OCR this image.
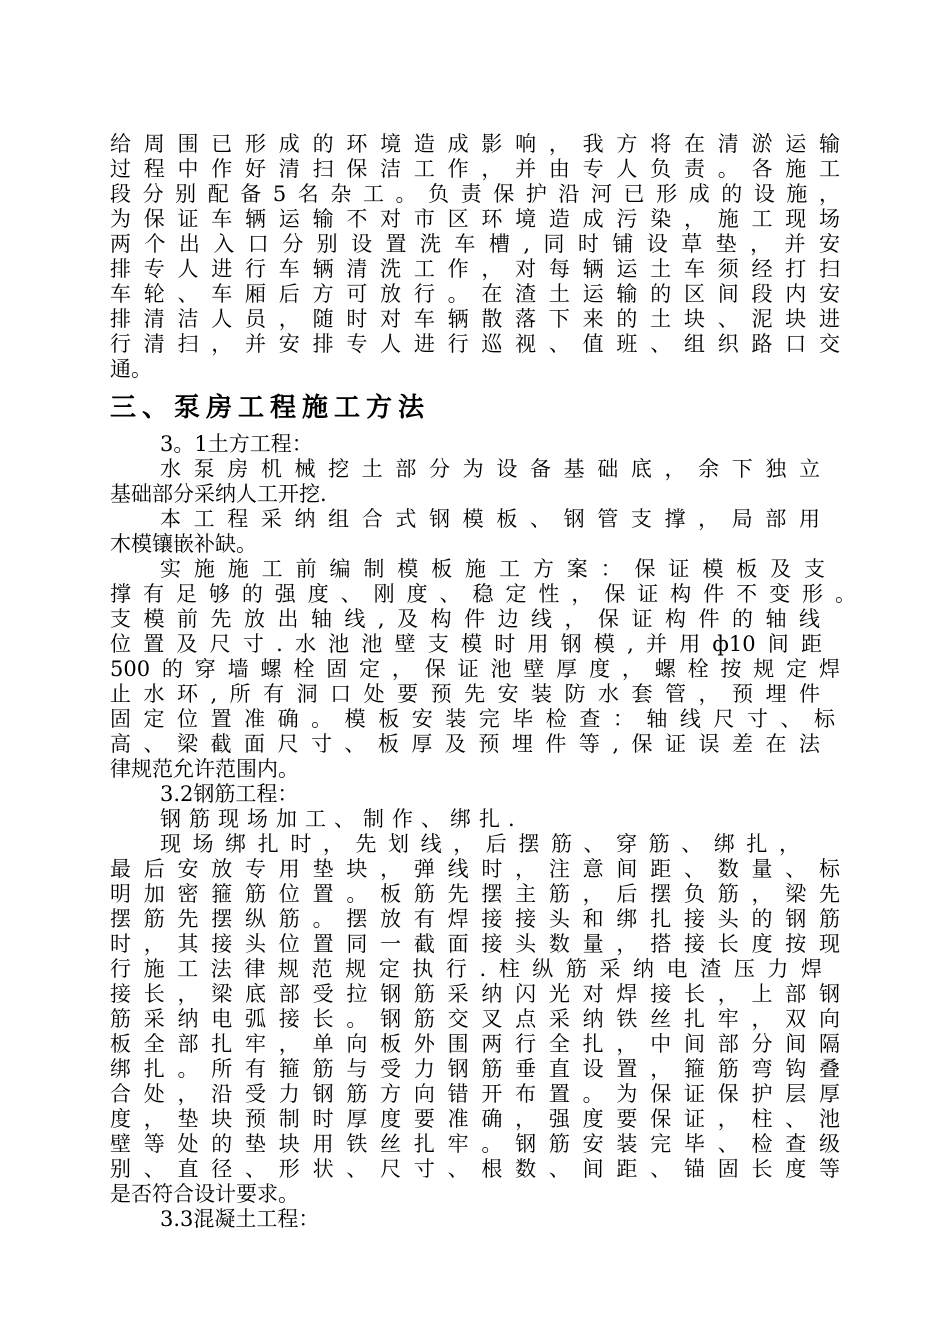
给周围已形成的环境造成影响，我方将在清淤运输
过程中作好清扫保洁工作，并由专人负责。各施工
段分别配备5名杂工。负责保护沿河已形成的设施，
为保证车辆运输不对市区环境造成污染，施工现场
两个出入口分别设置洗车槽,同时铺设草垫，并安
排专人进行车辆清洗工作，对每辆运土车须经打扫
车轮、车厢后方可放行。在渣土运输的区间段内安
排清洁人员，随时对车辆散落下来的土块、泥块进
行清扫，并安排专人进行巡视、值班、组织路口交
通。
三、泵房工程施工方法
3。1土方工程：
水泵房机械挖土部分为设备基础底，余下独立
基础部分采纳人工开挖.
本工程采纳组合式钢模板、钢管支撑，局部用
木模镶嵌补缺。
实施施工前编制模板施工方案：保证模板及支
撑有足够的强度、刚度、稳定性，保证构件不变形。
支模前先放出轴线,及构件边线，保证构件的轴线
位置及尺寸.水池池壁支模时用钢模,并用ф10间距
500的穿墙螺栓固定，保证池壁厚度，螺栓按规定焊
止水环,所有洞口处要预先安装防水套管，预埋件
固定位置准确。模板安装完毕检查：轴线尺寸、标
高、梁截面尺寸、板厚及预埋件等,保证误差在法
律规范允许范围内。
3.2钢筋工程：
钢筋现场加工、制作、绑扎.
现场绑扎时，先划线，后摆筋、穿筋、绑扎，
最后安放专用垫块，弹线时，注意间距、数量、标
明加密箍筋位置。板筋先摆主筋，后摆负筋，梁先
摆筋先摆纵筋。摆放有焊接接头和绑扎接头的钢筋
时，其接头位置同一截面接头数量，搭接长度按现
行施工法律规范规定执行.柱纵筋采纳电渣压力焊
接长，梁底部受拉钢筋采纳闪光对焊接长，上部钢
筋采纳电弧接长。钢筋交叉点采纳铁丝扎牢，双向
板全部扎牢，单向板外围两行全扎，中间部分间隔
绑扎。所有箍筋与受力钢筋垂直设置，箍筋弯钩叠
合处，沿受力钢筋方向错开布置。为保证保护层厚
度，垫块预制时厚度要准确，强度要保证，柱、池
壁等处的垫块用铁丝扎牢。钢筋安装完毕、检查级
别、直径、形状、尺寸、根数、间距、锚固长度等
是否符合设计要求。
3.3混凝土工程：
